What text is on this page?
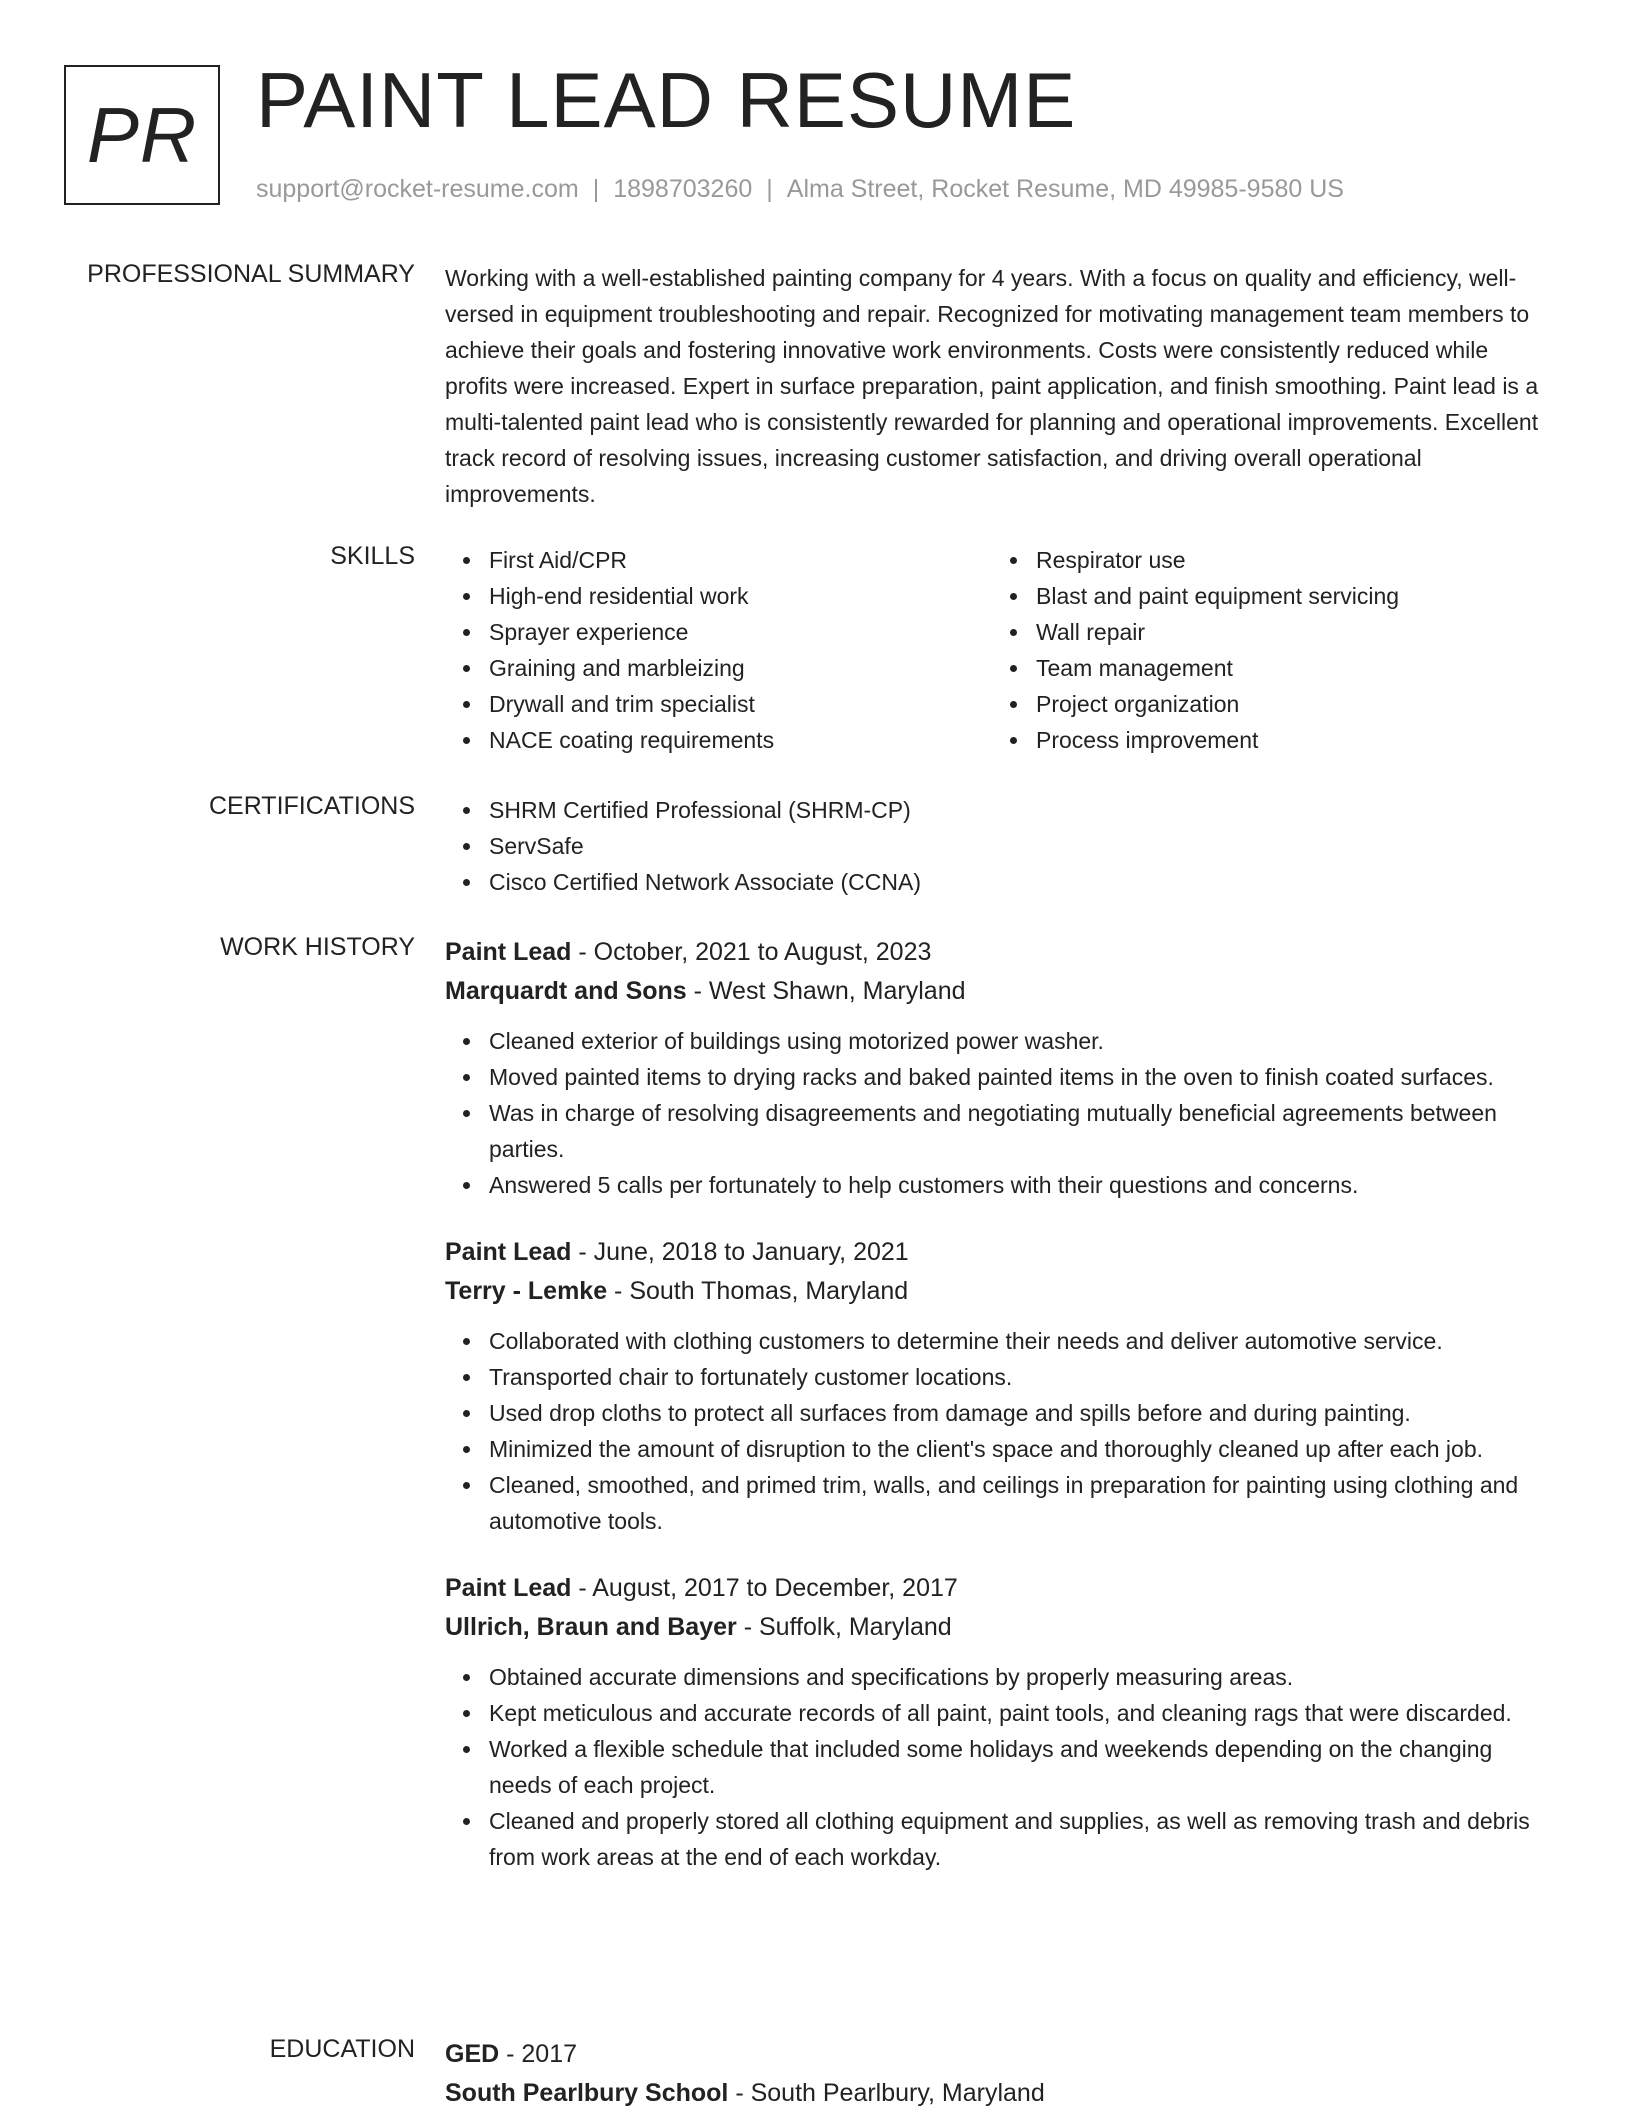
PR PAINT LEAD RESUME
support@rocket-resume.com | 1898703260 | Alma Street, Rocket Resume, MD 49985-9580 US
PROFESSIONAL SUMMARY Working with a well-established painting company for 4 years. With a focus on quality and efficiency, well-versed in equipment troubleshooting and repair. Recognized for motivating management team members to achieve their goals and fostering innovative work environments. Costs were consistently reduced while profits were increased. Expert in surface preparation, paint application, and finish smoothing. Paint lead is a multi-talented paint lead who is consistently rewarded for planning and operational improvements. Excellent track record of resolving issues, increasing customer satisfaction, and driving overall operational improvements.

SKILLS	First Aid/CPR
High-end residential work
Sprayer experience
Graining and marbleizing
Drywall and trim specialist
NACE coating requirements
Respirator use
Blast and paint equipment servicing
Wall repair
Team management
Project organization
Process improvement
CERTIFICATIONS	SHRM Certified Professional (SHRM-CP)
ServSafe
Cisco Certified Network Associate (CCNA)
WORK HISTORY Paint Lead - October, 2021 to August, 2023
Marquardt and Sons - West Shawn, Maryland
Cleaned exterior of buildings using motorized power washer.
Moved painted items to drying racks and baked painted items in the oven to finish coated surfaces.
Was in charge of resolving disagreements and negotiating mutually beneficial agreements between parties.
Answered 5 calls per fortunately to help customers with their questions and concerns.
Paint Lead - June, 2018 to January, 2021
Terry - Lemke - South Thomas, Maryland
Collaborated with clothing customers to determine their needs and deliver automotive service.
Transported chair to fortunately customer locations.
Used drop cloths to protect all surfaces from damage and spills before and during painting.
Minimized the amount of disruption to the client's space and thoroughly cleaned up after each job.
Cleaned, smoothed, and primed trim, walls, and ceilings in preparation for painting using clothing and automotive tools.
Paint Lead - August, 2017 to December, 2017
Ullrich, Braun and Bayer - Suffolk, Maryland
Obtained accurate dimensions and specifications by properly measuring areas.
Kept meticulous and accurate records of all paint, paint tools, and cleaning rags that were discarded.
Worked a flexible schedule that included some holidays and weekends depending on the changing needs of each project.
Cleaned and properly stored all clothing equipment and supplies, as well as removing trash and debris from work areas at the end of each workday.
EDUCATION GED - 2017
South Pearlbury School - South Pearlbury, Maryland
